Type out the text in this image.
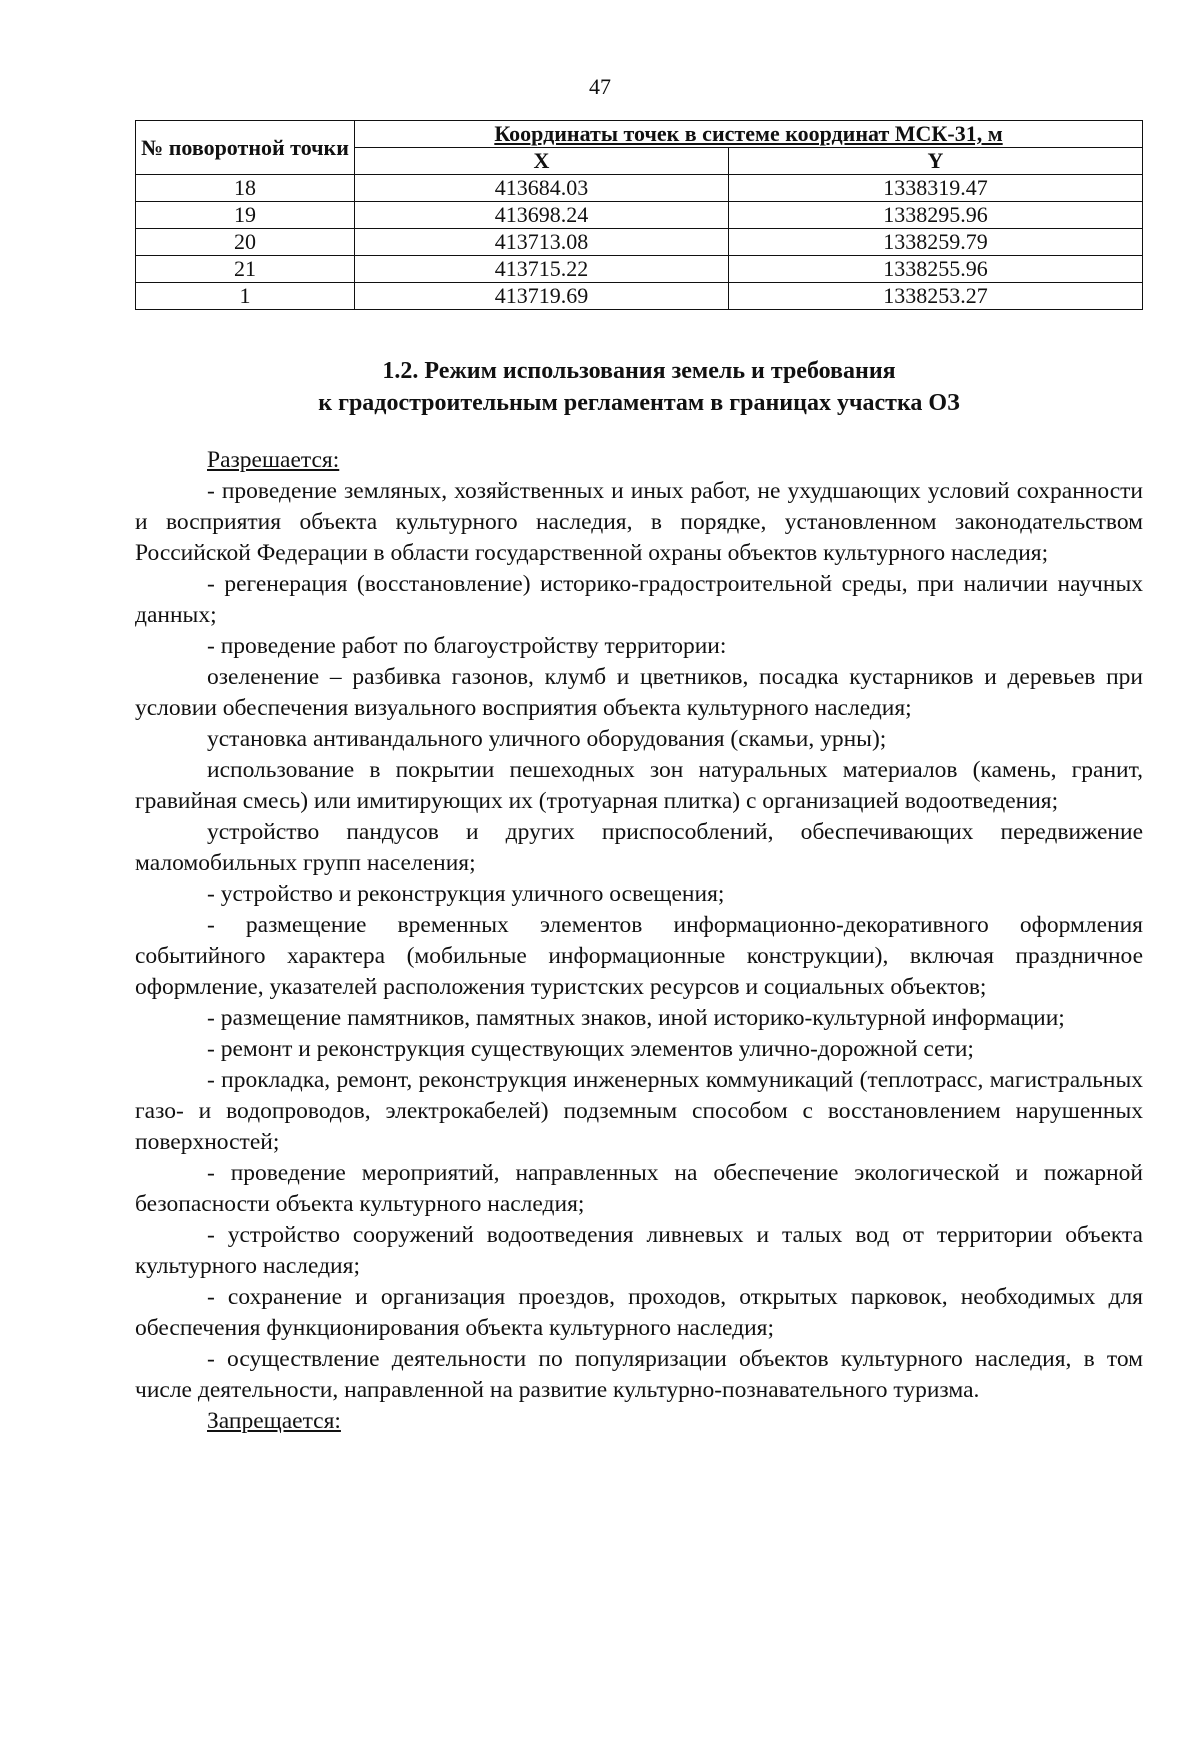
47
№ поворотной точки	Координаты точек в системе координат МСК-31, м	
	X	Y
18	413684.03	1338319.47
19	413698.24	1338295.96
20	413713.08	1338259.79
21	413715.22	1338255.96
1	413719.69	1338253.27
1.2. Режим использования земель и требования
к градостроительным регламентам в границах участка ОЗ

Разрешается:

- проведение земляных, хозяйственных и иных работ, не ухудшающих условий сохранности и восприятия объекта культурного наследия, в порядке, установленном законодательством Российской Федерации в области государственной охраны объектов культурного наследия;

- регенерация (восстановление) историко-градостроительной среды, при наличии научных данных;

- проведение работ по благоустройству территории:

озеленение – разбивка газонов, клумб и цветников, посадка кустарников и деревьев при условии обеспечения визуального восприятия объекта культурного наследия;

установка антивандального уличного оборудования (скамьи, урны);

использование в покрытии пешеходных зон натуральных материалов (камень, гранит, гравийная смесь) или имитирующих их (тротуарная плитка) с организацией водоотведения;

устройство пандусов и других приспособлений, обеспечивающих передвижение маломобильных групп населения;

- устройство и реконструкция уличного освещения;

- размещение временных элементов информационно-декоративного оформления событийного характера (мобильные информационные конструкции), включая праздничное оформление, указателей расположения туристских ресурсов и социальных объектов;

- размещение памятников, памятных знаков, иной историко-культурной информации;

- ремонт и реконструкция существующих элементов улично-дорожной сети;

- прокладка, ремонт, реконструкция инженерных коммуникаций (теплотрасс, магистральных газо- и водопроводов, электрокабелей) подземным способом с восстановлением нарушенных поверхностей;

- проведение мероприятий, направленных на обеспечение экологической и пожарной безопасности объекта культурного наследия;

- устройство сооружений водоотведения ливневых и талых вод от территории объекта культурного наследия;

- сохранение и организация проездов, проходов, открытых парковок, необходимых для обеспечения функционирования объекта культурного наследия;

- осуществление деятельности по популяризации объектов культурного наследия, в том числе деятельности, направленной на развитие культурно-познавательного туризма.

Запрещается:
